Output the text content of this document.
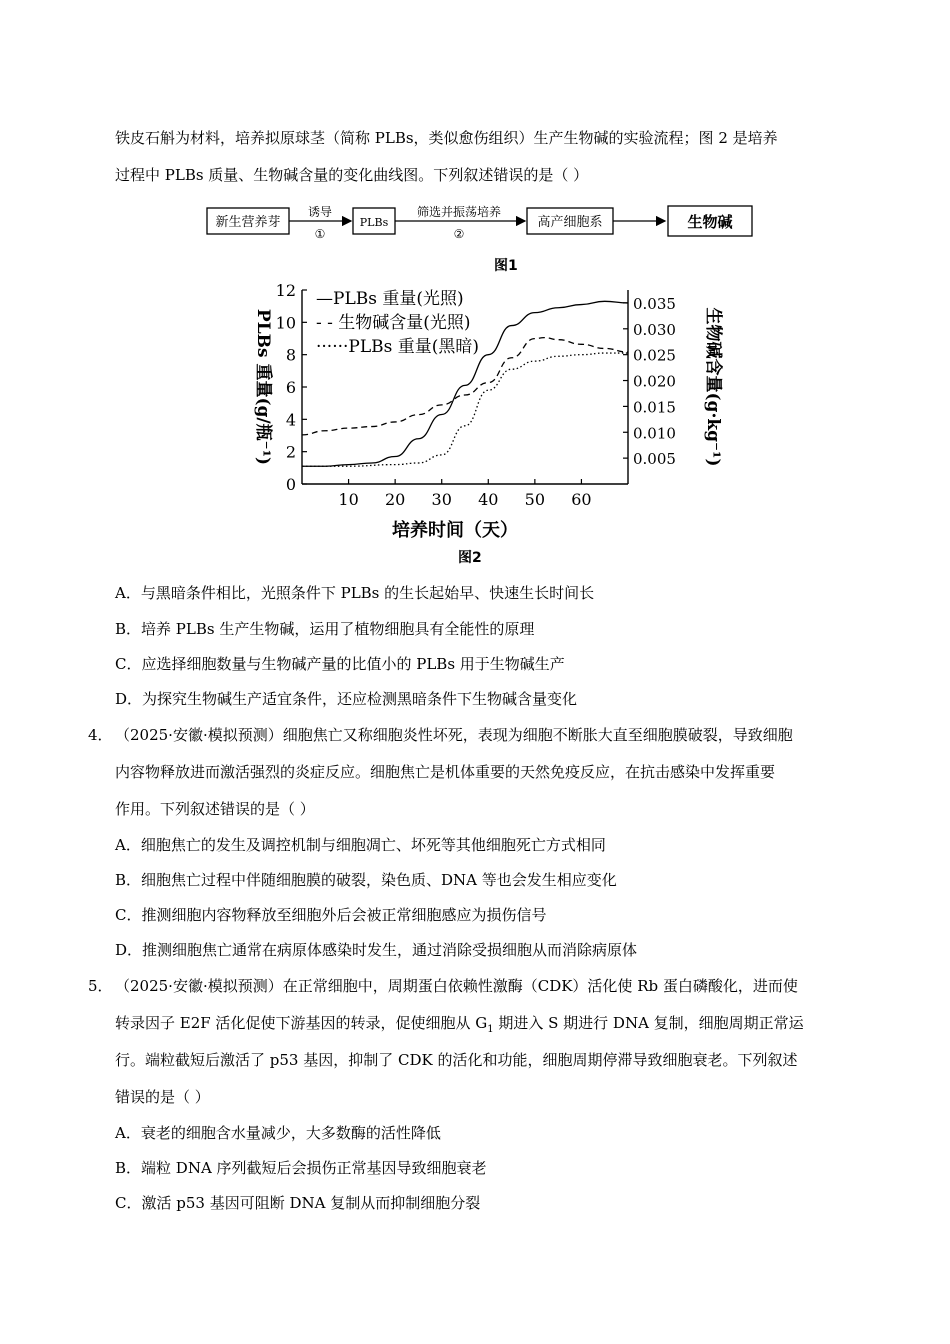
铁皮石斛为材料，培养拟原球茎（简称 PLBs，类似愈伤组织）生产生物碱的实验流程；图 2 是培养
过程中 PLBs 质量、生物碱含量的变化曲线图。下列叙述错误的是（ ）
新生营养芽
诱导
①
PLBs
筛选并振荡培养
②
高产细胞系	生物碱
图1
10 20 30 40 50 60
0
2
4
6
8
10
12
0.005
0.010
0.015
0.020
0.025
0.030
0.035
培养时间（天）
PLBs 重量(g/瓶⁻¹)	生物碱含量(g·kg⁻¹)
—PLBs 重量(光照)
- - 生物碱含量(光照)
······PLBs 重量(黑暗)
图2
A．与黑暗条件相比，光照条件下 PLBs 的生长起始早、快速生长时间长
B．培养 PLBs 生产生物碱，运用了植物细胞具有全能性的原理
C．应选择细胞数量与生物碱产量的比值小的 PLBs 用于生物碱生产
D．为探究生物碱生产适宜条件，还应检测黑暗条件下生物碱含量变化
4． （2025·安徽·模拟预测）细胞焦亡又称细胞炎性坏死，表现为细胞不断胀大直至细胞膜破裂，导致细胞
内容物释放进而激活强烈的炎症反应。细胞焦亡是机体重要的天然免疫反应，在抗击感染中发挥重要
作用。下列叙述错误的是（ ）
A．细胞焦亡的发生及调控机制与细胞凋亡、坏死等其他细胞死亡方式相同
B．细胞焦亡过程中伴随细胞膜的破裂，染色质、DNA 等也会发生相应变化
C．推测细胞内容物释放至细胞外后会被正常细胞感应为损伤信号
D．推测细胞焦亡通常在病原体感染时发生，通过消除受损细胞从而消除病原体
5． （2025·安徽·模拟预测）在正常细胞中，周期蛋白依赖性激酶（CDK）活化使 Rb 蛋白磷酸化，进而使
转录因子 E2F 活化促使下游基因的转录，促使细胞从 $G_1$ 期进入 S 期进行 DNA 复制，细胞周期正常运
行。端粒截短后激活了 p53 基因，抑制了 CDK 的活化和功能，细胞周期停滞导致细胞衰老。下列叙述
错误的是（ ）
A．衰老的细胞含水量减少，大多数酶的活性降低
B．端粒 DNA 序列截短后会损伤正常基因导致细胞衰老
C．激活 p53 基因可阻断 DNA 复制从而抑制细胞分裂
